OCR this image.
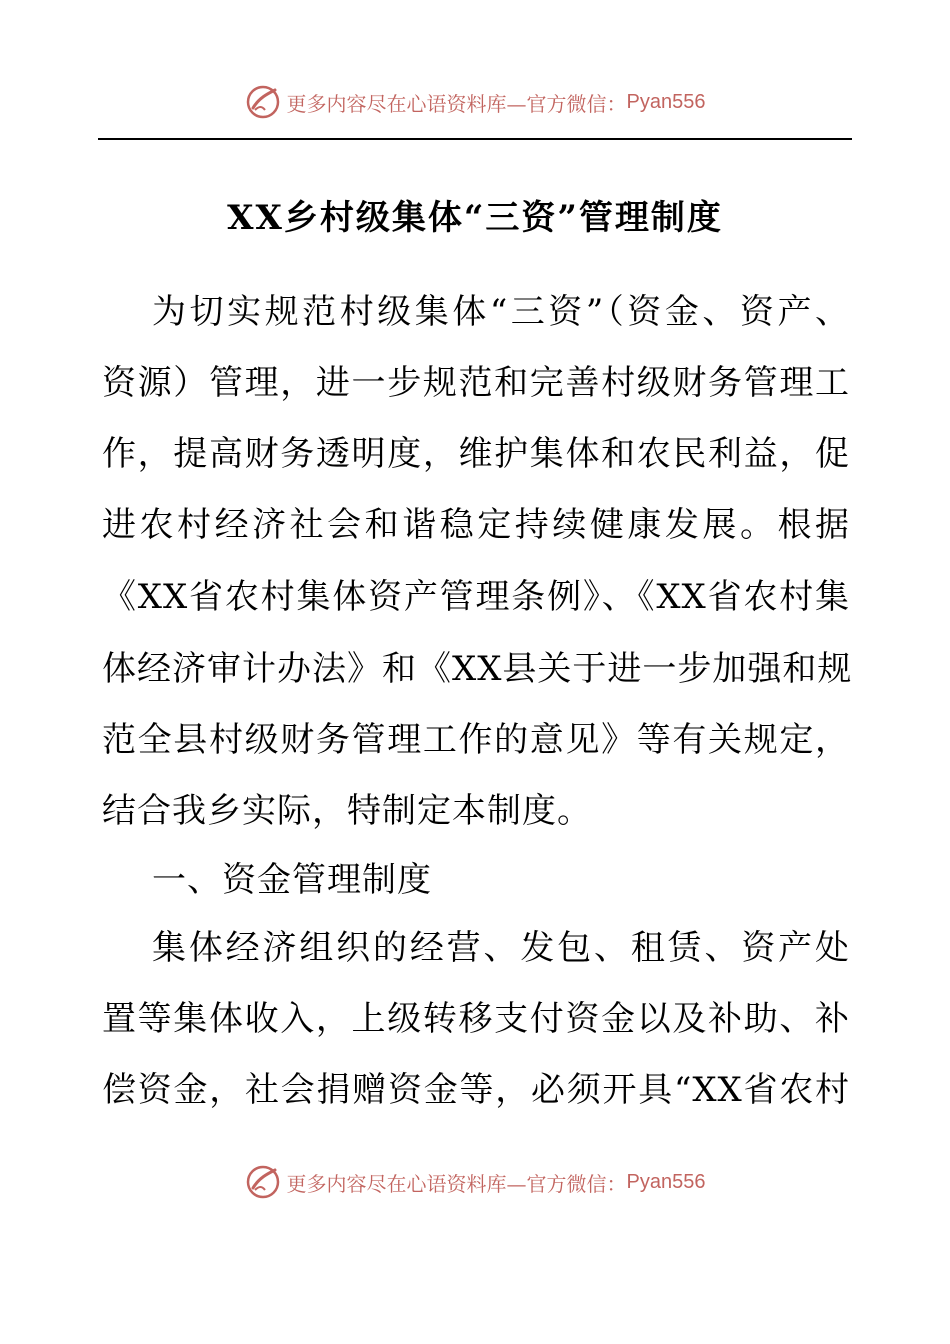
更多内容尽在心语资料库—官方微信： Pyan556
XX乡村级集体“三资”管理制度
为切实规范村级集体“三资”（资金、资产、
资源）管理，进一步规范和完善村级财务管理工
作，提高财务透明度，维护集体和农民利益，促
进农村经济社会和谐稳定持续健康发展。根据
《XX省农村集体资产管理条例》、《XX省农村集
体经济审计办法》和《XX县关于进一步加强和规
范全县村级财务管理工作的意见》等有关规定，
结合我乡实际，特制定本制度。
一、资金管理制度
集体经济组织的经营、发包、租赁、资产处
置等集体收入，上级转移支付资金以及补助、补
偿资金，社会捐赠资金等，必须开具“XX省农村
更多内容尽在心语资料库—官方微信： Pyan556
